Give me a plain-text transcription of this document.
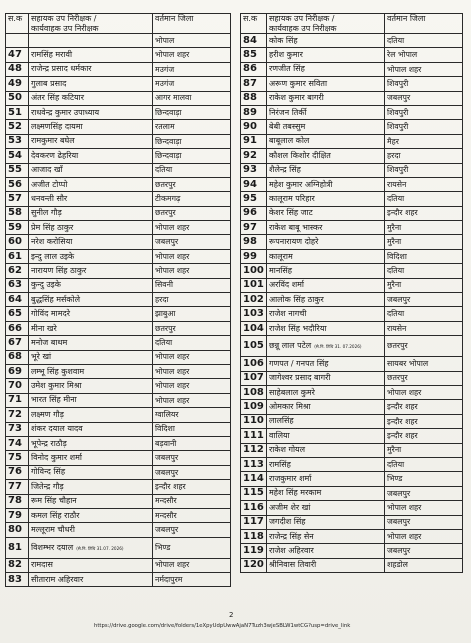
स.क	सहायक उप निरीक्षक /
कार्यवाहक उप निरीक्षक	वर्तमान जिला
		भोपाल
47	रामसिंह मरावी	भोपाल शहर
48	राजेन्द्र प्रसाद धर्मकार	मउगंज
49	गुलाब प्रसाद	मउगंज
50	अंतर सिंह कटियार	आगर मालवा
51	राधवेन्द्र कुमार उपाध्याय	छिन्दवाड़ा
52	लक्ष्मणसिंह दायमा	रतलाम
53	रामकुमार बघेल	छिन्दवाड़ा
54	देवकरण ढेहरिया	छिन्दवाड़ा
55	आजाद खाँ	दतिया
56	अजीत टोप्पो	छतरपुर
57	धनवन्ती सौर	टीकमगढ़
58	सुनील गौड़	छतरपुर
59	प्रेम सिंह ठाकुर	भोपाल शहर
60	नरेश करोसिया	जबलपुर
61	इन्दु लाल उइके	भोपाल शहर
62	नारायण सिंह ठाकुर	भोपाल शहर
63	कुन्दु उइके	सिवनी
64	बुद्धसिंह मर्सकोले	हरदा
65	गोविंद मामदरे	झाबुआ
66	मीना खरे	छतरपुर
67	मनोज बाथम	दतिया
68	भूरे खां	भोपाल शहर
69	लम्भू सिंह कुशवाम	भोपाल शहर
70	उमेश कुमार मिश्रा	भोपाल शहर
71	भारत सिंह मीना	भोपाल शहर
72	लक्ष्मण गौड़	ग्वालियर
73	शंकर दयाल यादव	विदिशा
74	भूपेन्द्र राठौड़	बड़वानी
75	विनोद कुमार शर्मा	जबलपुर
76	गोविन्द सिंह	जबलपुर
77	जितेन्द्र गौड़	इन्दौर शहर
78	रूम सिंह चौहान	मन्दसौर
79	कमल सिंह राठौर	मन्दसौर
80	मल्लूराम चौधरी	जबलपुर
81	विशम्भर दयाल (से.नि. तिथि 31.07. 2026)	भिण्ड
82	रामदास	भोपाल शहर
83	सीताराम अहिरवार	नर्मदापुरम
स.क	सहायक उप निरीक्षक /
कार्यवाहक उप निरीक्षक	वर्तमान जिला
84	कोक सिंह	दतिया
85	हरीश कुमार	रेल भोपाल
86	रणजीत सिंह	भोपाल शहर
87	अरूण कुमार सविता	शिवपुरी
88	राकेश कुमार बागरी	जबलपुर
89	निरंजन तिर्की	शिवपुरी
90	बेबी तबस्सुम	शिवपुरी
91	बाबूलाल कोल	मैहर
92	कौशल किशोर दीक्षित	हरदा
93	शैलेन्द्र सिंह	शिवपुरी
94	महेश कुमार अग्निहोत्री	रायसेन
95	कालूराम परिहार	दतिया
96	केशर सिंह जाट	इन्दौर शहर
97	राकेश बाबू भास्कर	मुरैना
98	रूपनारायण दोहरे	मुरैना
99	कालूराम	विदिशा
100	मानसिंह	दतिया
101	अरविंद शर्मा	मुरैना
102	आलोक सिंह ठाकुर	जबलपुर
103	राजेश नागची	दतिया
104	राजेश सिंह भदौरिया	रायसेन
105	छन्नू लाल पटेल (से.नि. तिथि 31. 07.2026)	छतरपुर
106	गणपत / गनपत सिंह	सायबर भोपाल
107	जागेश्वर प्रसाद बागरी	छतरपुर
108	साहेबलाल कुमरे	भोपाल शहर
109	ओमकार मिश्रा	इन्दौर शहर
110	लालसिंह	इन्दौर शहर
111	वालिया	इन्दौर शहर
112	राकेश गोयल	मुरैना
113	रामसिंह	दतिया
114	राजकुमार शर्मा	भिण्ड
115	महेश सिंह मरकाम	जबलपुर
116	अजीम शेर खां	भोपाल शहर
117	जगदीश सिंह	जबलपुर
118	राजेन्द्र सिंह सेन	भोपाल शहर
119	राजेश अहिरवार	जबलपुर
120	श्रीनिवास तिवारी	शहडोल
2
https://drive.google.com/drive/folders/1eXpyUdpUwwAjaN7Tuzh3wjeSBLW1wtCG?usp=drive_link
